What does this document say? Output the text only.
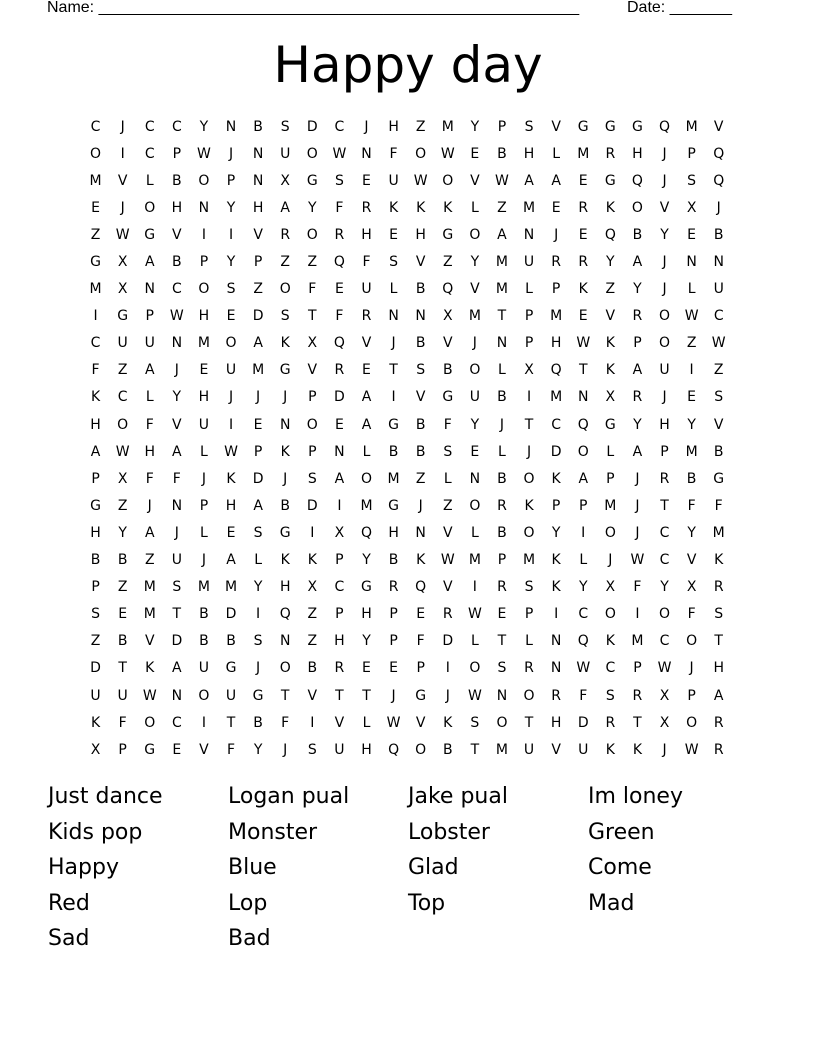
Name: ______________________________________________________	Date: _______
Happy day
C	J	C	C	Y	N	B	S	D	C	J	H	Z	M	Y	P	S	V	G	G	G	Q	M	V
O	I	C	P	W	J	N	U	O	W	N	F	O	W	E	B	H	L	M	R	H	J	P	Q
M	V	L	B	O	P	N	X	G	S	E	U	W	O	V	W	A	A	E	G	Q	J	S	Q
E	J	O	H	N	Y	H	A	Y	F	R	K	K	K	L	Z	M	E	R	K	O	V	X	J
Z	W	G	V	I	I	V	R	O	R	H	E	H	G	O	A	N	J	E	Q	B	Y	E	B
G	X	A	B	P	Y	P	Z	Z	Q	F	S	V	Z	Y	M	U	R	R	Y	A	J	N	N
M	X	N	C	O	S	Z	O	F	E	U	L	B	Q	V	M	L	P	K	Z	Y	J	L	U
I	G	P	W	H	E	D	S	T	F	R	N	N	X	M	T	P	M	E	V	R	O	W	C
C	U	U	N	M	O	A	K	X	Q	V	J	B	V	J	N	P	H	W	K	P	O	Z	W
F	Z	A	J	E	U	M	G	V	R	E	T	S	B	O	L	X	Q	T	K	A	U	I	Z
K	C	L	Y	H	J	J	J	P	D	A	I	V	G	U	B	I	M	N	X	R	J	E	S
H	O	F	V	U	I	E	N	O	E	A	G	B	F	Y	J	T	C	Q	G	Y	H	Y	V
A	W	H	A	L	W	P	K	P	N	L	B	B	S	E	L	J	D	O	L	A	P	M	B
P	X	F	F	J	K	D	J	S	A	O	M	Z	L	N	B	O	K	A	P	J	R	B	G
G	Z	J	N	P	H	A	B	D	I	M	G	J	Z	O	R	K	P	P	M	J	T	F	F
H	Y	A	J	L	E	S	G	I	X	Q	H	N	V	L	B	O	Y	I	O	J	C	Y	M
B	B	Z	U	J	A	L	K	K	P	Y	B	K	W	M	P	M	K	L	J	W	C	V	K
P	Z	M	S	M	M	Y	H	X	C	G	R	Q	V	I	R	S	K	Y	X	F	Y	X	R
S	E	M	T	B	D	I	Q	Z	P	H	P	E	R	W	E	P	I	C	O	I	O	F	S
Z	B	V	D	B	B	S	N	Z	H	Y	P	F	D	L	T	L	N	Q	K	M	C	O	T
D	T	K	A	U	G	J	O	B	R	E	E	P	I	O	S	R	N	W	C	P	W	J	H
U	U	W	N	O	U	G	T	V	T	T	J	G	J	W	N	O	R	F	S	R	X	P	A
K	F	O	C	I	T	B	F	I	V	L	W	V	K	S	O	T	H	D	R	T	X	O	R
X	P	G	E	V	F	Y	J	S	U	H	Q	O	B	T	M	U	V	U	K	K	J	W	R
Just dance	Logan pual	Jake pual	Im loney
Kids pop	Monster	Lobster	Green
Happy	Blue	Glad	Come
Red	Lop	Top	Mad
Sad	Bad
